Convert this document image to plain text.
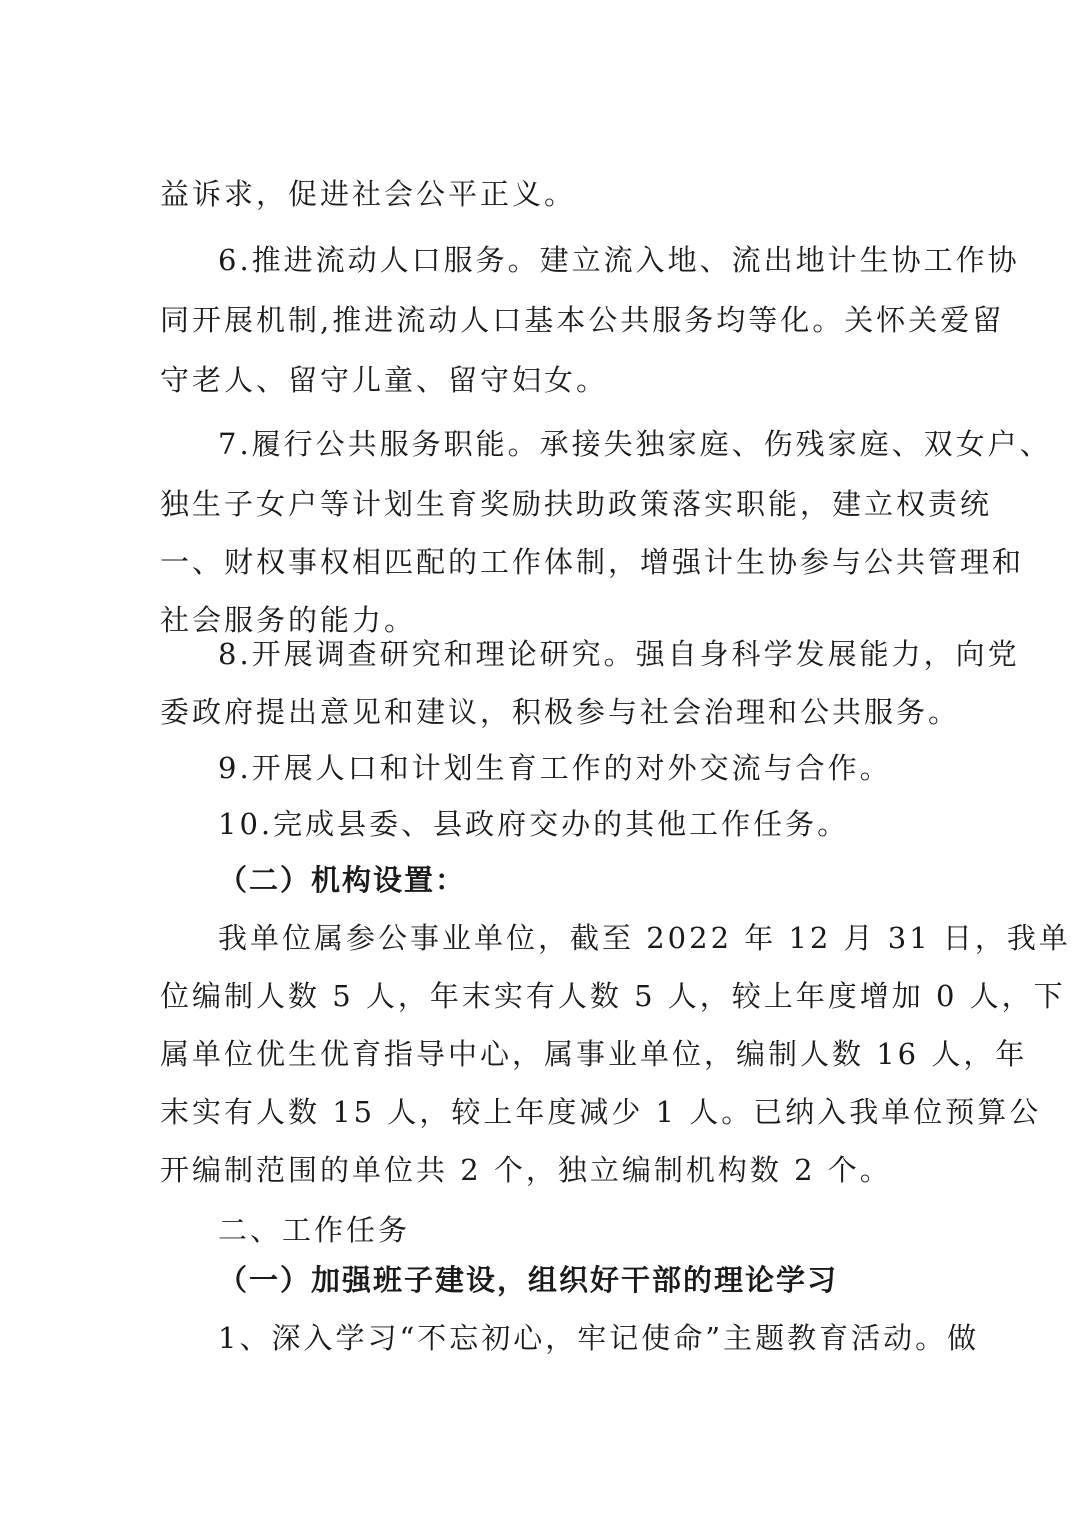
益诉求，促进社会公平正义。
6.推进流动人口服务。建立流入地、流出地计生协工作协
同开展机制,推进流动人口基本公共服务均等化。关怀关爱留
守老人、留守儿童、留守妇女。
7.履行公共服务职能。承接失独家庭、伤残家庭、双女户、
独生子女户等计划生育奖励扶助政策落实职能，建立权责统
一、财权事权相匹配的工作体制，增强计生协参与公共管理和
社会服务的能力。
8.开展调查研究和理论研究。强自身科学发展能力，向党
委政府提出意见和建议，积极参与社会治理和公共服务。
9.开展人口和计划生育工作的对外交流与合作。
10.完成县委、县政府交办的其他工作任务。
（二）机构设置：
我单位属参公事业单位，截至 2022 年 12 月 31 日，我单
位编制人数 5 人，年末实有人数 5 人，较上年度增加 0 人，下
属单位优生优育指导中心，属事业单位，编制人数 16 人，年
末实有人数 15 人，较上年度减少 1 人。已纳入我单位预算公
开编制范围的单位共 2 个，独立编制机构数 2 个。
二、工作任务
（一）加强班子建设，组织好干部的理论学习
1、深入学习“不忘初心，牢记使命”主题教育活动。做
